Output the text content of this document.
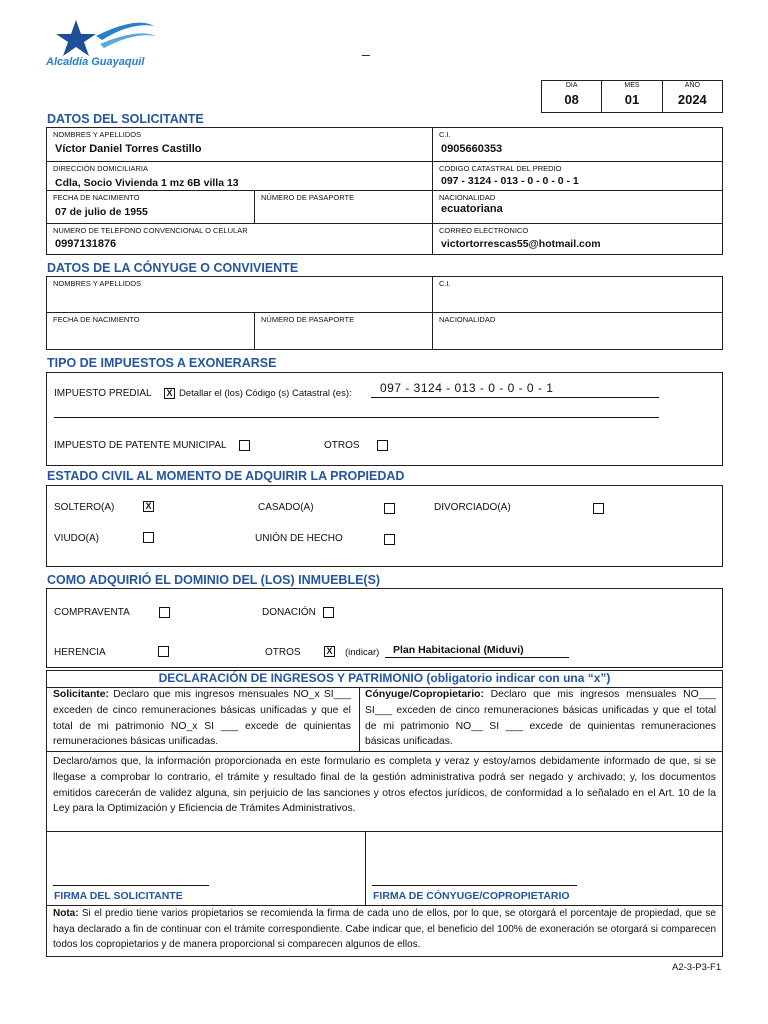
Alcaldía Guayaquil
_
DIA
08
MES
01
AÑO
2024
DATOS DEL SOLICITANTE
NOMBRES Y APELLIDOS
Víctor Daniel Torres Castillo
C.I.
0905660353
DIRECCIÓN DOMICILIARIA
Cdla, Socio Vivienda 1 mz 6B villa 13
CODIGO CATASTRAL DEL PREDIO
097 - 3124 - 013 - 0 - 0 - 0 - 1
FECHA DE NACIMIENTO
07 de julio de 1955
NÚMERO DE PASAPORTE	NACIONALIDAD
ecuatoriana
NUMERO DE TELEFONO CONVENCIONAL O CELULAR
0997131876
CORREO ELECTRONICO
victortorrescas55@hotmail.com
DATOS DE LA CÓNYUGE O CONVIVIENTE
NOMBRES Y APELLIDOS	C.I.
FECHA DE NACIMIENTO	NÚMERO DE PASAPORTE	NACIONALIDAD
TIPO DE IMPUESTOS A EXONERARSE
IMPUESTO PREDIAL X Detallar el (los) Código (s) Catastral (es): 097 - 3124 - 013 - 0 - 0 - 0 - 1
IMPUESTO DE PATENTE MUNICIPAL	OTROS
ESTADO CIVIL AL MOMENTO DE ADQUIRIR LA PROPIEDAD
SOLTERO(A)	X	CASADO(A)	DIVORCIADO(A)
VIUDO(A)	UNIÓN DE HECHO
COMO ADQUIRIÓ EL DOMINIO DEL (LOS) INMUEBLE(S)
COMPRAVENTA	DONACIÓN
HERENCIA	OTROS	X (indicar) Plan Habitacional (Miduvi)
DECLARACIÓN DE INGRESOS Y PATRIMONIO (obligatorio indicar con una “x”)
Solicitante: Declaro que mis ingresos mensuales NO_x SI___ exceden de cinco remuneraciones básicas unificadas y que el total de mi patrimonio NO_x SI ___ excede de quinientas remuneraciones básicas unificadas.
Cónyuge/Copropietario: Declaro que mis ingresos mensuales NO___ SI___ exceden de cinco remuneraciones básicas unificadas y que el total de mi patrimonio NO__ SI ___ excede de quinientas remuneraciones básicas unificadas.
Declaro/amos que, la información proporcionada en este formulario es completa y veraz y estoy/amos debidamente informado de que, si se llegase a comprobar lo contrario, el trámite y resultado final de la gestión administrativa podrá ser negado y archivado; y, los documentos emitidos carecerán de validez alguna, sin perjuicio de las sanciones y otros efectos jurídicos, de conformidad a lo señalado en el Art. 10 de la Ley para la Optimización y Eficiencia de Trámites Administrativos.
FIRMA DEL SOLICITANTE	FIRMA DE CÓNYUGE/COPROPIETARIO
Nota: Si el predio tiene varios propietarios se recomienda la firma de cada uno de ellos, por lo que, se otorgará el porcentaje de propiedad, que se haya declarado a fin de continuar con el trámite correspondiente. Cabe indicar que, el beneficio del 100% de exoneración se otorgará si comparecen todos los copropietarios y de manera proporcional si comparecen algunos de ellos.
A2-3-P3-F1
